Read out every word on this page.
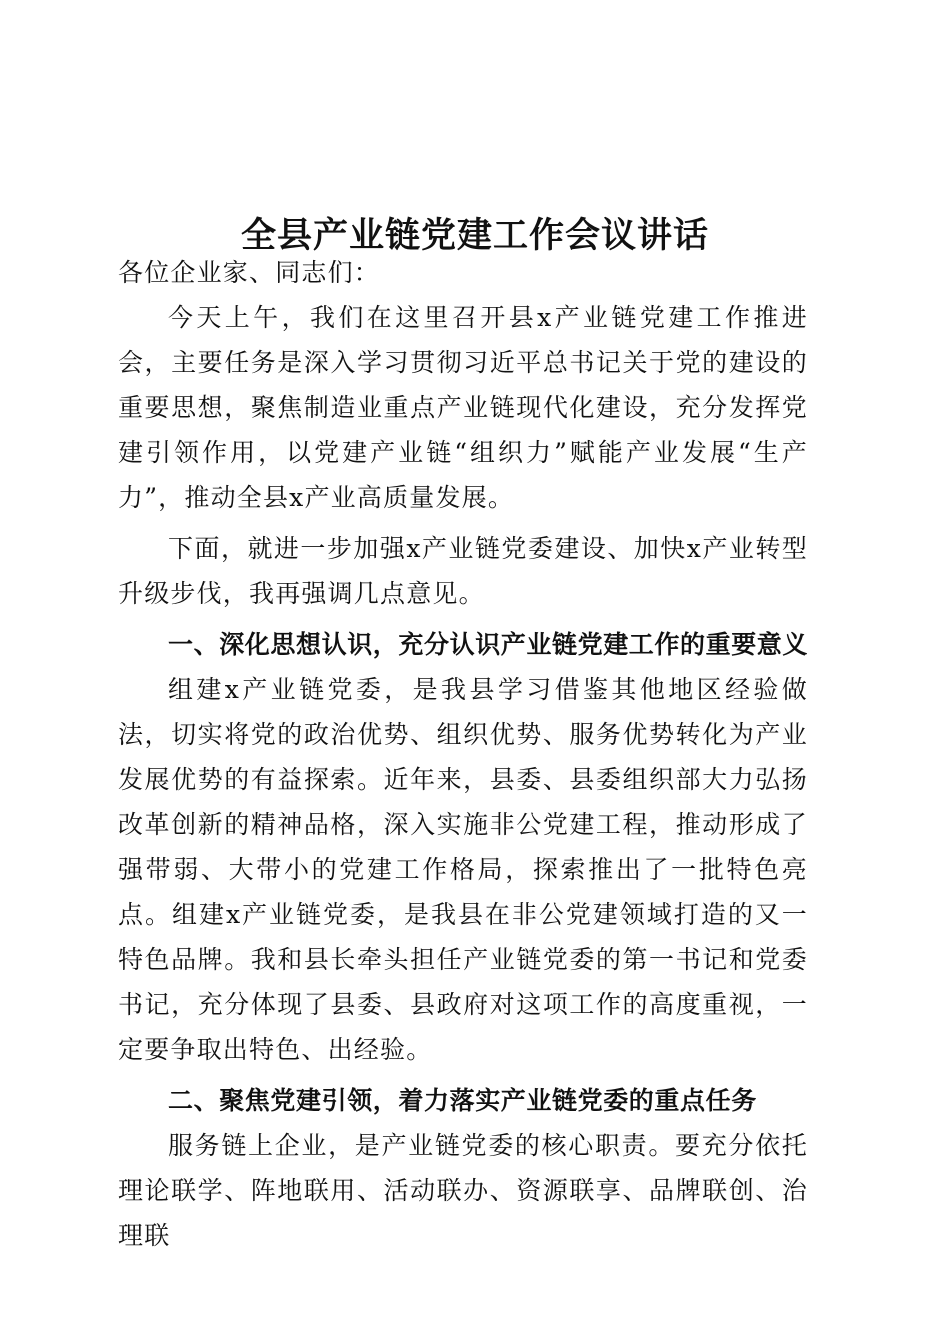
全县产业链党建工作会议讲话

各位企业家、同志们：

今天上午，我们在这里召开县x产业链党建工作推进会，主要任务是深入学习贯彻习近平总书记关于党的建设的重要思想，聚焦制造业重点产业链现代化建设，充分发挥党建引领作用，以党建产业链“组织力”赋能产业发展“生产力”，推动全县x产业高质量发展。

下面，就进一步加强x产业链党委建设、加快x产业转型升级步伐，我再强调几点意见。

一、深化思想认识，充分认识产业链党建工作的重要意义

组建x产业链党委，是我县学习借鉴其他地区经验做法，切实将党的政治优势、组织优势、服务优势转化为产业发展优势的有益探索。近年来，县委、县委组织部大力弘扬改革创新的精神品格，深入实施非公党建工程，推动形成了强带弱、大带小的党建工作格局，探索推出了一批特色亮点。组建x产业链党委，是我县在非公党建领域打造的又一特色品牌。我和县长牵头担任产业链党委的第一书记和党委书记，充分体现了县委、县政府对这项工作的高度重视，一定要争取出特色、出经验。

二、聚焦党建引领，着力落实产业链党委的重点任务

服务链上企业，是产业链党委的核心职责。要充分依托理论联学、阵地联用、活动联办、资源联享、品牌联创、治理联
